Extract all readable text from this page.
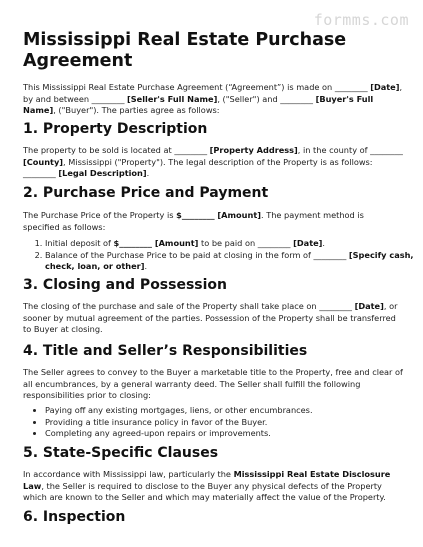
formms.com
Mississippi Real Estate Purchase Agreement

This Mississippi Real Estate Purchase Agreement (“Agreement”) is made on ________ [Date], by and between ________ [Seller's Full Name], ("Seller") and ________ [Buyer's Full Name], ("Buyer"). The parties agree as follows:

1. Property Description

The property to be sold is located at ________ [Property Address], in the county of ________ [County], Mississippi ("Property"). The legal description of the Property is as follows: ________ [Legal Description].

2. Purchase Price and Payment

The Purchase Price of the Property is $________ [Amount]. The payment method is specified as follows:

1. Initial deposit of $________ [Amount] to be paid on ________ [Date].
2. Balance of the Purchase Price to be paid at closing in the form of ________ [Specify cash, check, loan, or other].
3. Closing and Possession

The closing of the purchase and sale of the Property shall take place on ________ [Date], or sooner by mutual agreement of the parties. Possession of the Property shall be transferred to Buyer at closing.

4. Title and Seller’s Responsibilities

The Seller agrees to convey to the Buyer a marketable title to the Property, free and clear of all encumbrances, by a general warranty deed. The Seller shall fulfill the following responsibilities prior to closing:

• Paying off any existing mortgages, liens, or other encumbrances.
• Providing a title insurance policy in favor of the Buyer.
• Completing any agreed-upon repairs or improvements.
5. State-Specific Clauses

In accordance with Mississippi law, particularly the Mississippi Real Estate Disclosure Law, the Seller is required to disclose to the Buyer any physical defects of the Property which are known to the Seller and which may materially affect the value of the Property.

6. Inspection
